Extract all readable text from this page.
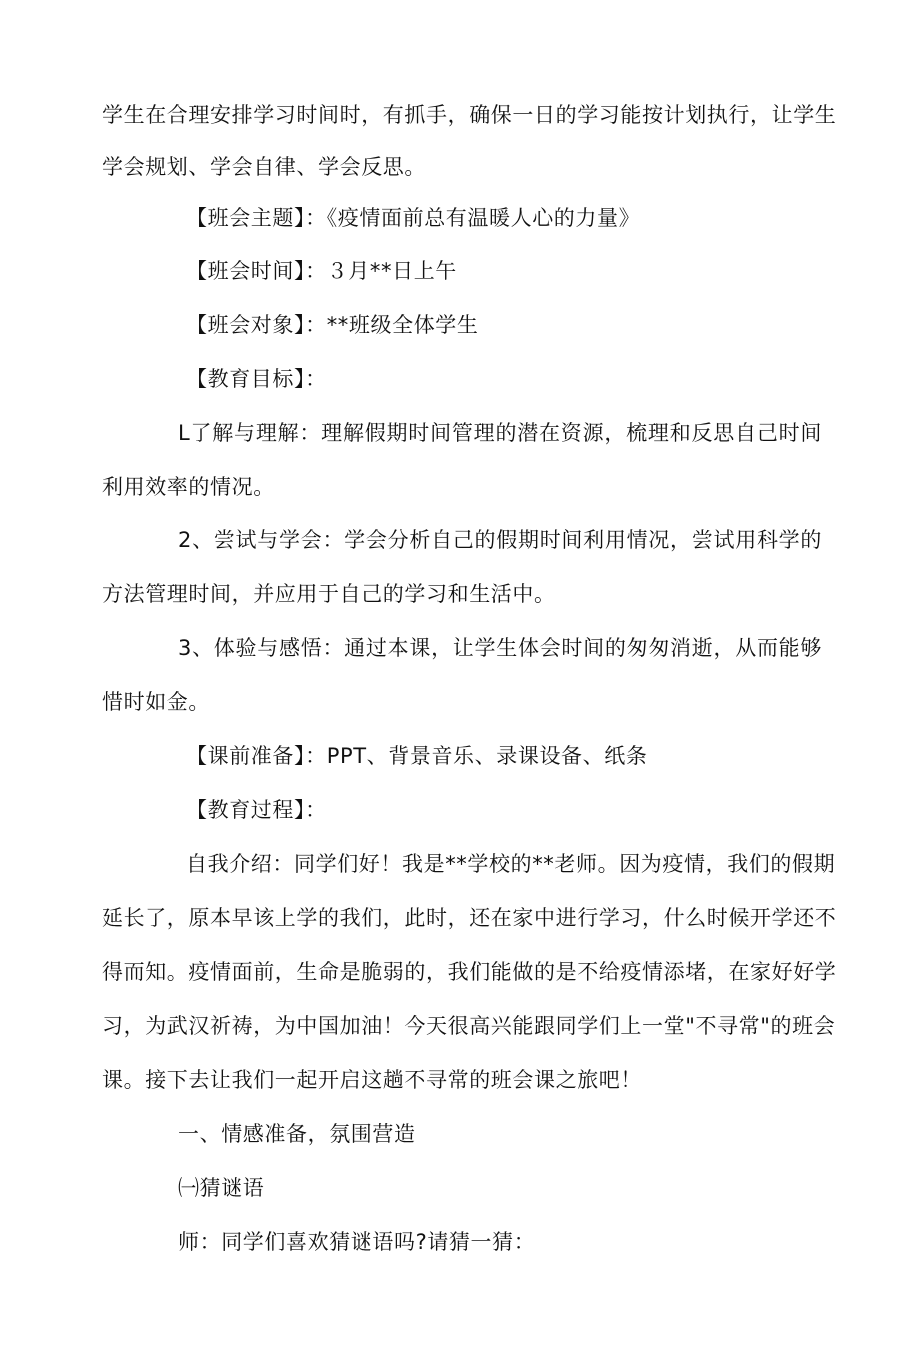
学生在合理安排学习时间时，有抓手，确保一日的学习能按计划执行，让学生
学会规划、学会自律、学会反思。
【班会主题】：《疫情面前总有温暖人心的力量》
【班会时间】：３月**日上午
【班会对象】：**班级全体学生
【教育目标】：
L了解与理解：理解假期时间管理的潜在资源，梳理和反思自己时间
利用效率的情况。
2、尝试与学会：学会分析自己的假期时间利用情况，尝试用科学的
方法管理时间，并应用于自己的学习和生活中。
3、体验与感悟：通过本课，让学生体会时间的匆匆消逝，从而能够
惜时如金。
【课前准备】：PPT、背景音乐、录课设备、纸条
【教育过程】：
自我介绍：同学们好！我是**学校的**老师。因为疫情，我们的假期
延长了，原本早该上学的我们，此时，还在家中进行学习，什么时候开学还不
得而知。疫情面前，生命是脆弱的，我们能做的是不给疫情添堵，在家好好学
习，为武汉祈祷，为中国加油！今天很高兴能跟同学们上一堂"不寻常"的班会
课。接下去让我们一起开启这趟不寻常的班会课之旅吧！
一、情感准备，氛围营造
㈠猜谜语
师：同学们喜欢猜谜语吗?请猜一猜：
